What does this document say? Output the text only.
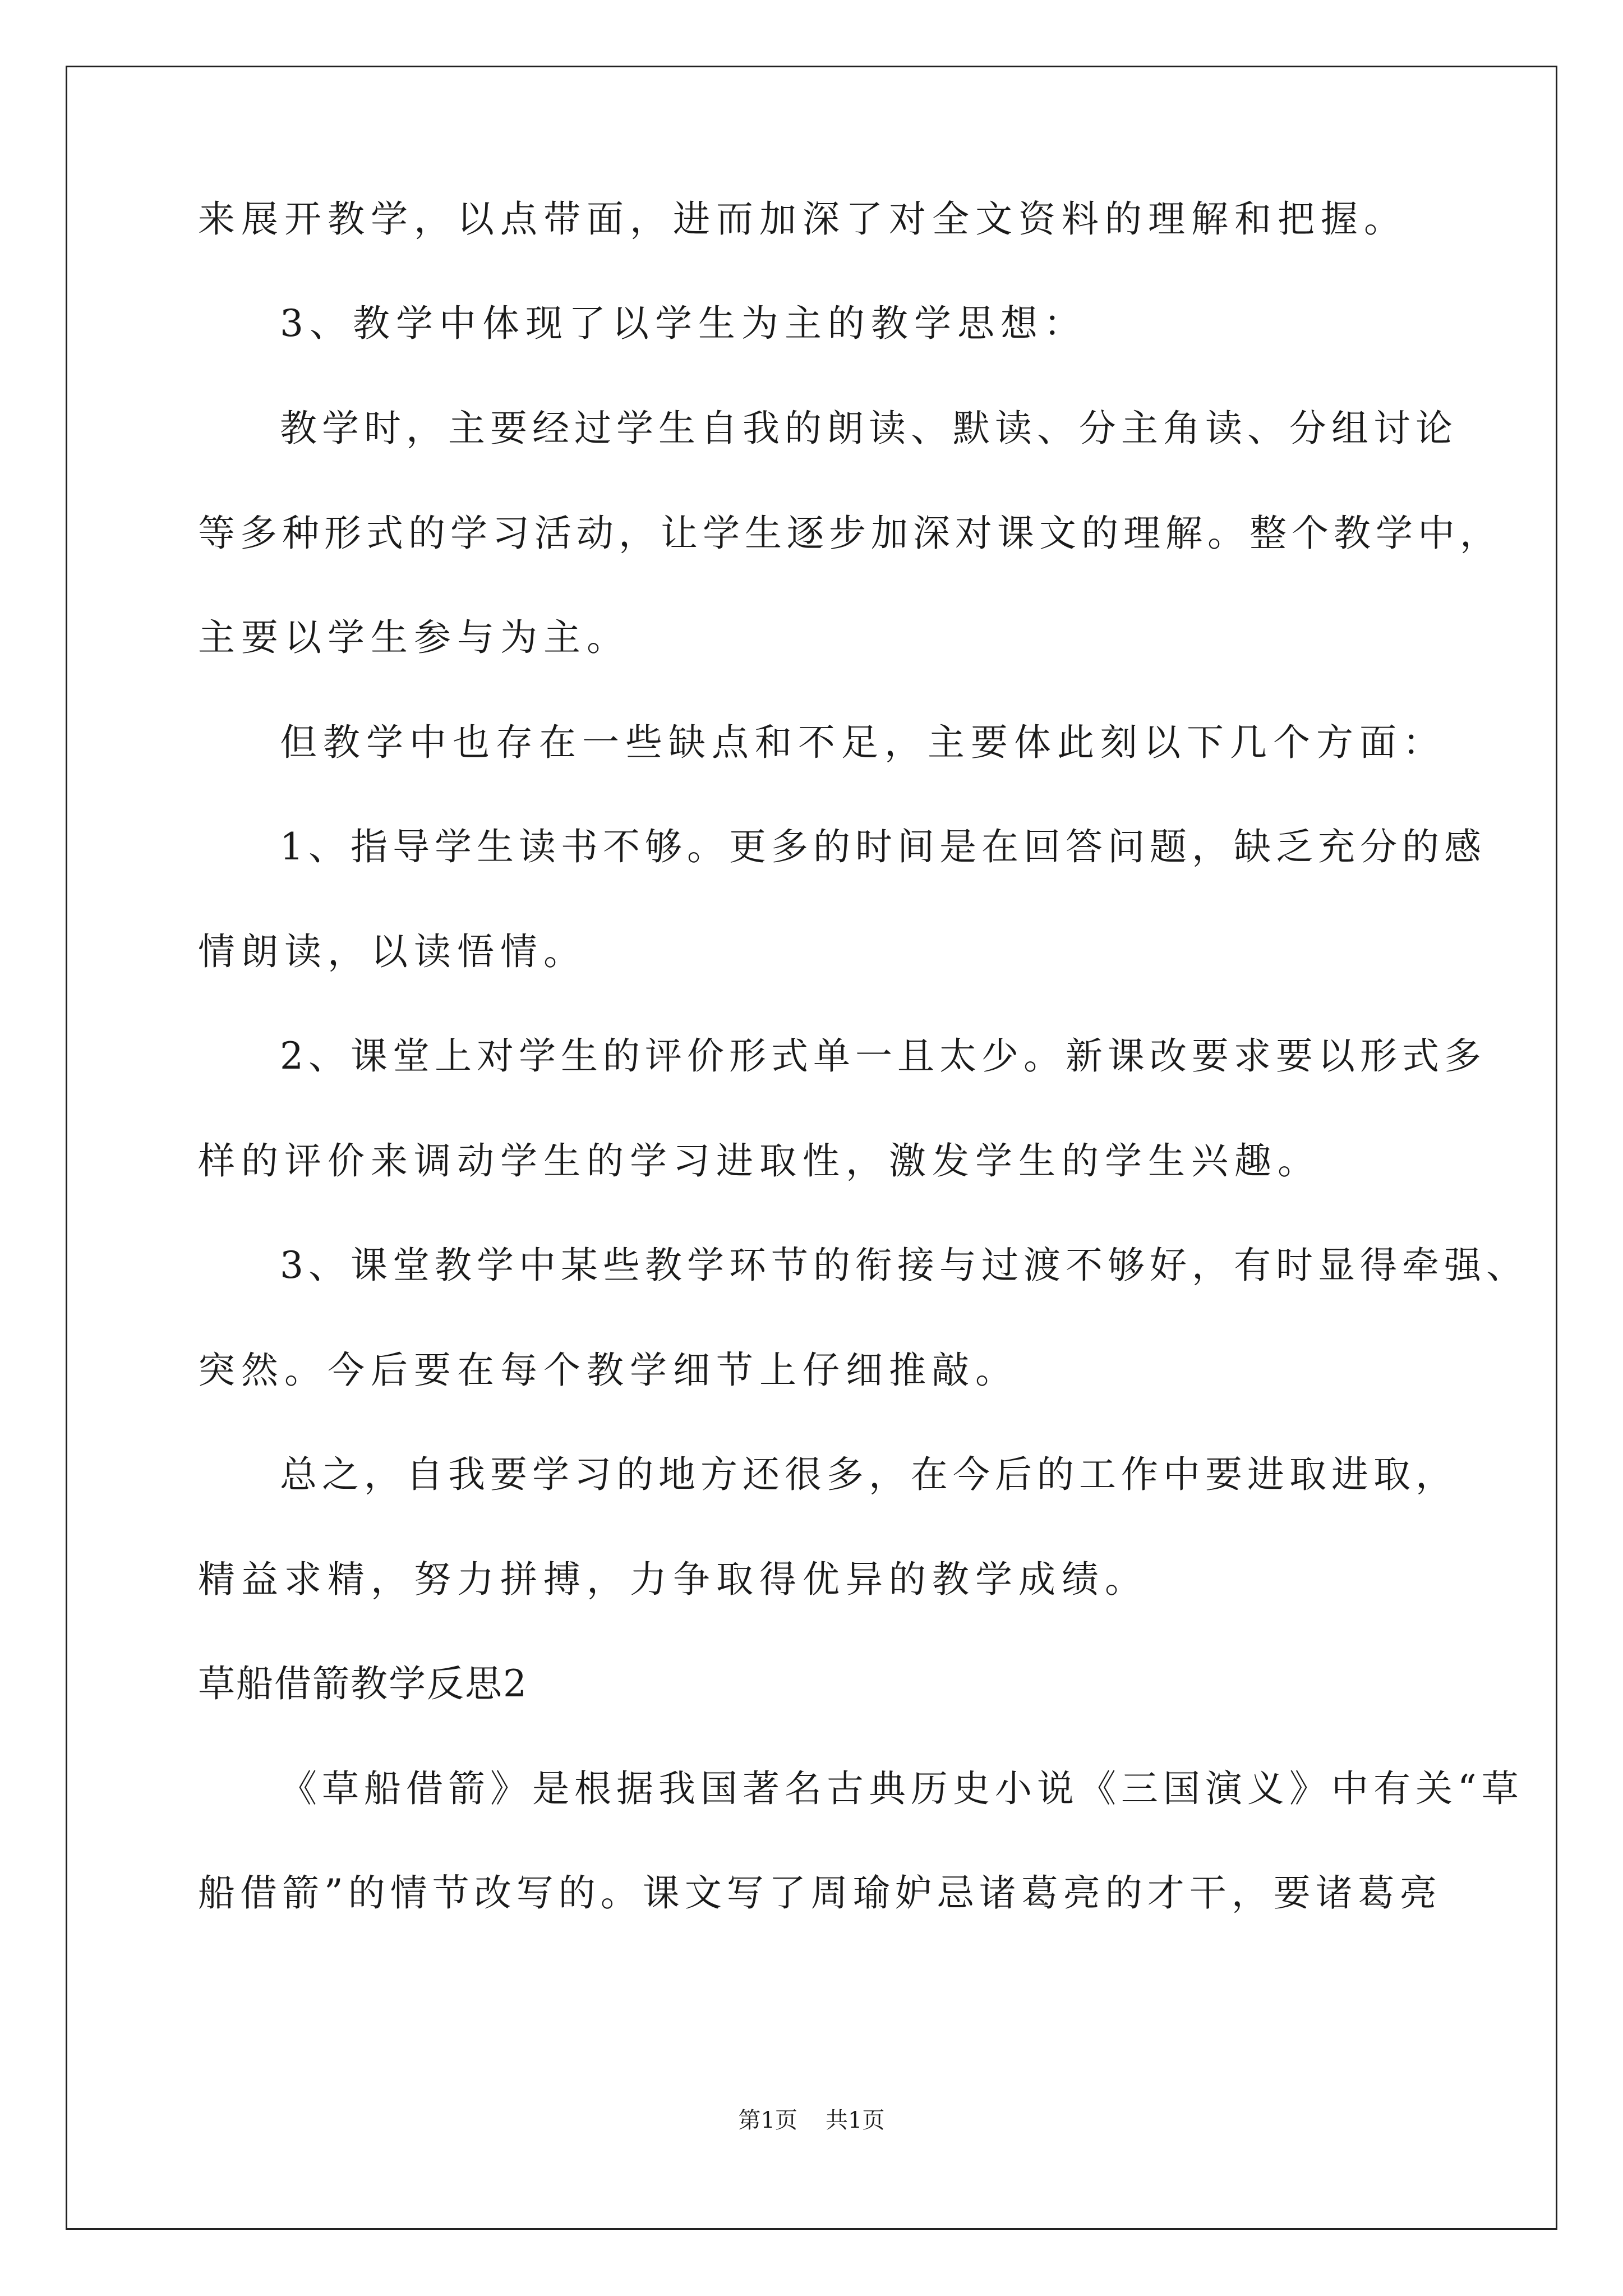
来展开教学，以点带面，进而加深了对全文资料的理解和把握。
3、教学中体现了以学生为主的教学思想：
教学时，主要经过学生自我的朗读、默读、分主角读、分组讨论
等多种形式的学习活动，让学生逐步加深对课文的理解。整个教学中，
主要以学生参与为主。
但教学中也存在一些缺点和不足，主要体此刻以下几个方面：
1、指导学生读书不够。更多的时间是在回答问题，缺乏充分的感
情朗读，以读悟情。
2、课堂上对学生的评价形式单一且太少。新课改要求要以形式多
样的评价来调动学生的学习进取性，激发学生的学生兴趣。
3、课堂教学中某些教学环节的衔接与过渡不够好，有时显得牵强、
突然。今后要在每个教学细节上仔细推敲。
总之，自我要学习的地方还很多，在今后的工作中要进取进取，
精益求精，努力拼搏，力争取得优异的教学成绩。
草船借箭教学反思2
《草船借箭》是根据我国著名古典历史小说《三国演义》中有关“草
船借箭”的情节改写的。课文写了周瑜妒忌诸葛亮的才干，要诸葛亮
第1页 共1页
